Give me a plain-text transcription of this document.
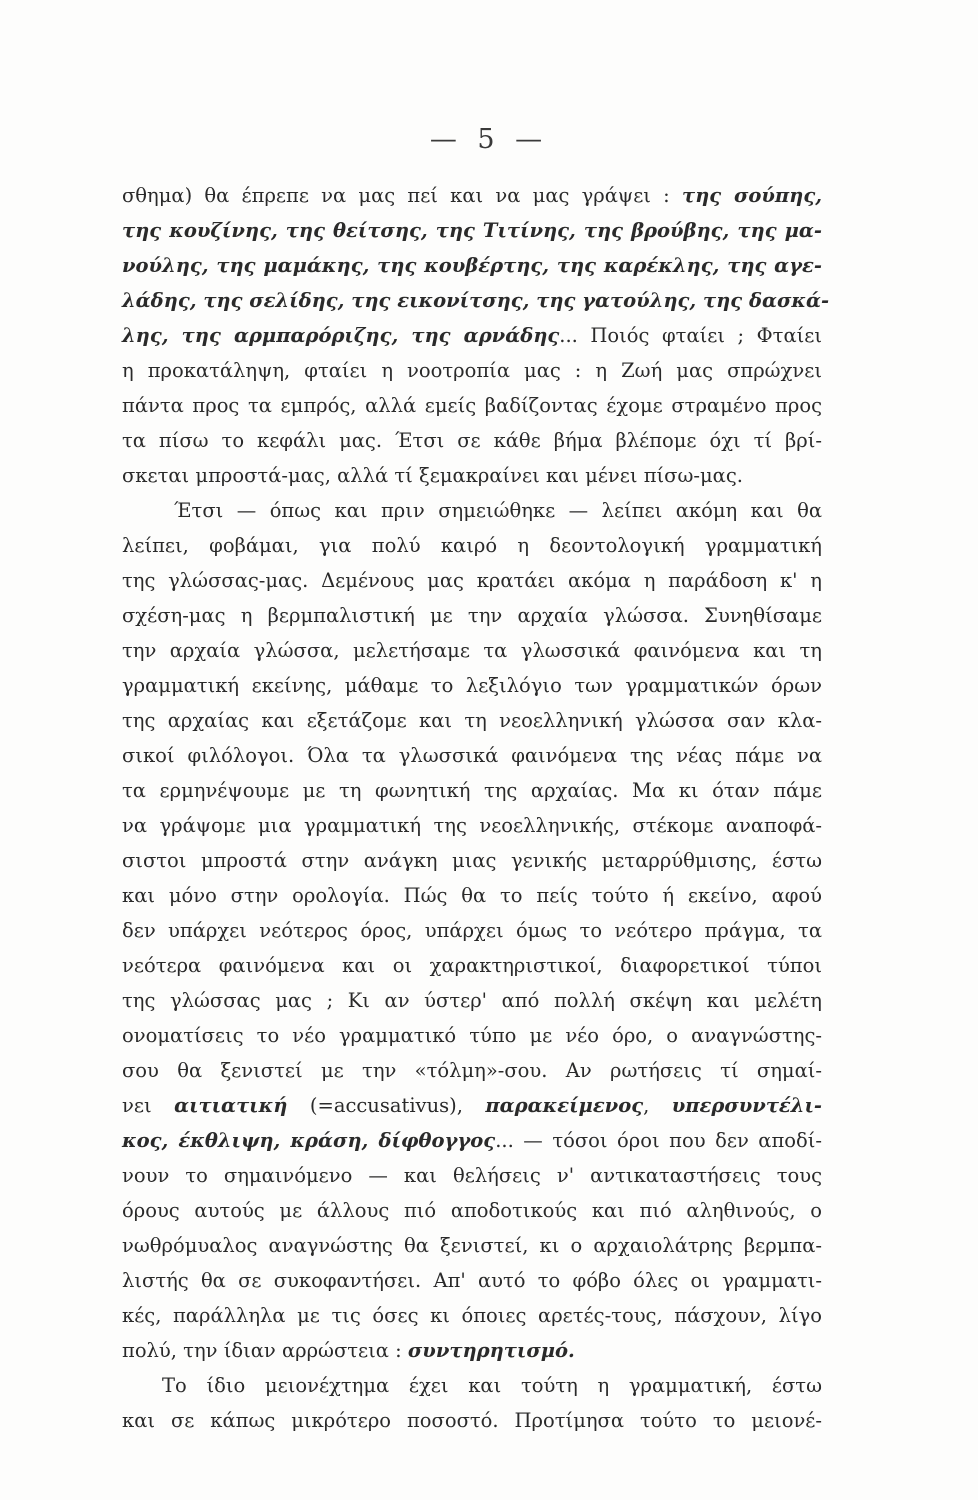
— 5 —
σθημα) θα έπρεπε να μας πεί και να μας γράψει : της σούπης,
της κουζίνης, της θείτσης, της Τιτίνης, της βρούβης, της μα-
νούλης, της μαμάκης, της κουβέρτης, της καρέκλης, της αγε-
λάδης, της σελίδης, της εικονίτσης, της γατούλης, της δασκά-
λης, της αρμπαρόριζης, της αρνάδης... Ποιός φταίει ; Φταίει
η προκατάληψη, φταίει η νοοτροπία μας : η Ζωή μας σπρώχνει
πάντα προς τα εμπρός, αλλά εμείς βαδίζοντας έχομε στραμένο προς
τα πίσω το κεφάλι μας. Έτσι σε κάθε βήμα βλέπομε όχι τί βρί-
σκεται μπροστά-μας, αλλά τί ξεμακραίνει και μένει πίσω-μας.
Έτσι — όπως και πριν σημειώθηκε — λείπει ακόμη και θα
λείπει, φοβάμαι, για πολύ καιρό η δεοντολογική γραμματική
της γλώσσας-μας. Δεμένους μας κρατάει ακόμα η παράδοση κ' η
σχέση-μας η βερμπαλιστική με την αρχαία γλώσσα. Συνηθίσαμε
την αρχαία γλώσσα, μελετήσαμε τα γλωσσικά φαινόμενα και τη
γραμματική εκείνης, μάθαμε το λεξιλόγιο των γραμματικών όρων
της αρχαίας και εξετάζομε και τη νεοελληνική γλώσσα σαν κλα-
σικοί φιλόλογοι. Όλα τα γλωσσικά φαινόμενα της νέας πάμε να
τα ερμηνέψουμε με τη φωνητική της αρχαίας. Μα κι όταν πάμε
να γράψομε μια γραμματική της νεοελληνικής, στέκομε αναποφά-
σιστοι μπροστά στην ανάγκη μιας γενικής μεταρρύθμισης, έστω
και μόνο στην ορολογία. Πώς θα το πείς τούτο ή εκείνο, αφού
δεν υπάρχει νεότερος όρος, υπάρχει όμως το νεότερο πράγμα, τα
νεότερα φαινόμενα και οι χαρακτηριστικοί, διαφορετικοί τύποι
της γλώσσας μας ; Κι αν ύστερ' από πολλή σκέψη και μελέτη
ονοματίσεις το νέο γραμματικό τύπο με νέο όρο, ο αναγνώστης-
σου θα ξενιστεί με την «τόλμη»-σου. Αν ρωτήσεις τί σημαί-
νει αιτιατική (=accusativus), παρακείμενος, υπερσυντέλι-
κος, έκθλιψη, κράση, δίφθογγος... — τόσοι όροι που δεν αποδί-
νουν το σημαινόμενο — και θελήσεις ν' αντικαταστήσεις τους
όρους αυτούς με άλλους πιό αποδοτικούς και πιό αληθινούς, ο
νωθρόμυαλος αναγνώστης θα ξενιστεί, κι ο αρχαιολάτρης βερμπα-
λιστής θα σε συκοφαντήσει. Απ' αυτό το φόβο όλες οι γραμματι-
κές, παράλληλα με τις όσες κι όποιες αρετές-τους, πάσχουν, λίγο
πολύ, την ίδιαν αρρώστεια : συντηρητισμό.
Το ίδιο μειονέχτημα έχει και τούτη η γραμματική, έστω
και σε κάπως μικρότερο ποσοστό. Προτίμησα τούτο το μειονέ-
